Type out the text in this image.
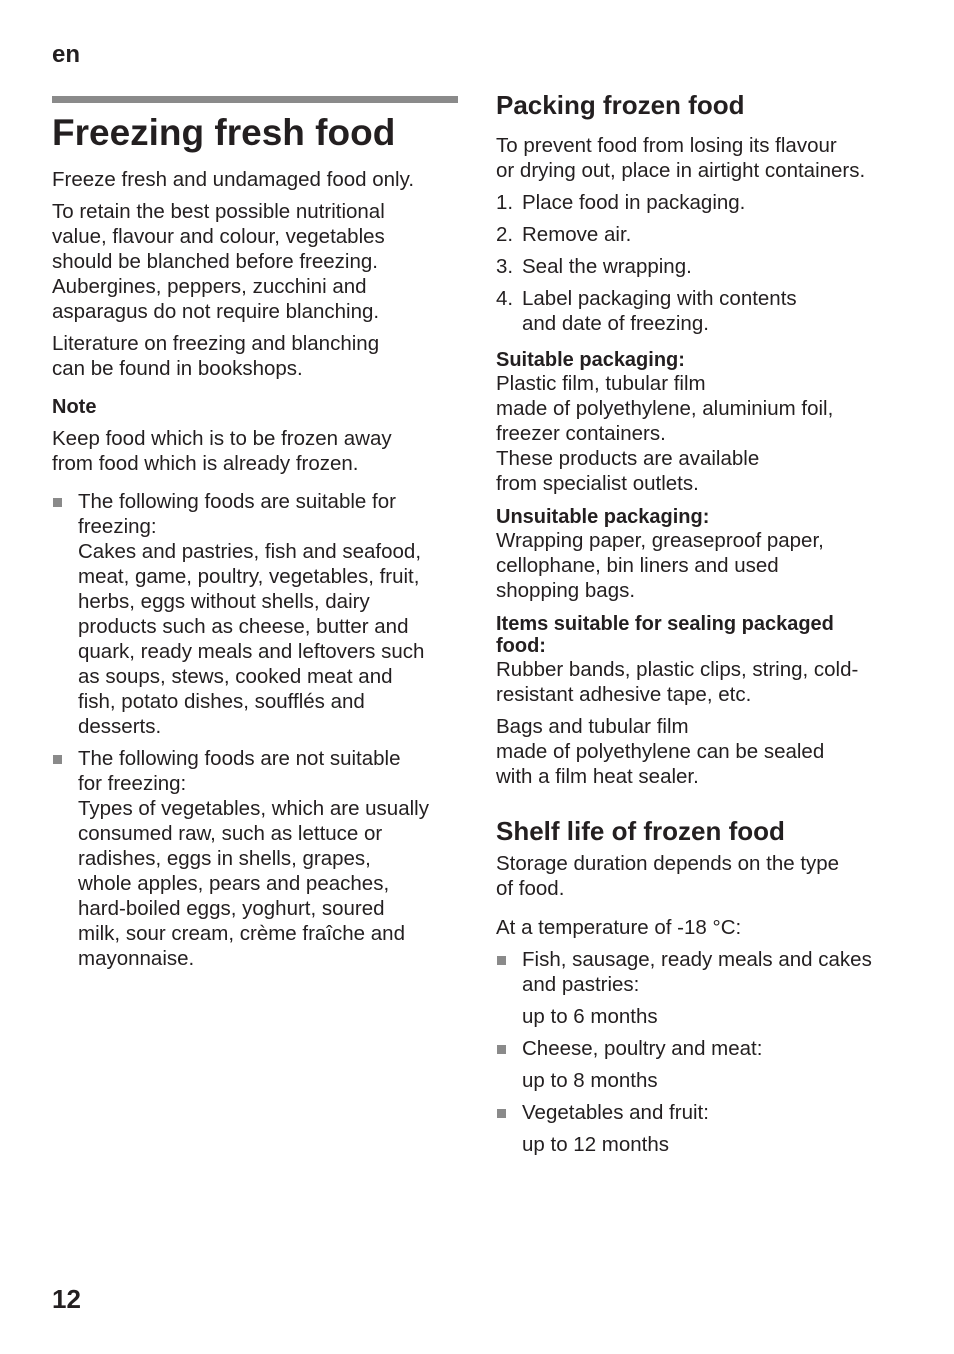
en
Freezing fresh food

Freeze fresh and undamaged food only.

To retain the best possible nutritional
value, flavour and colour, vegetables
should be blanched before freezing.
Aubergines, peppers, zucchini and
asparagus do not require blanching.

Literature on freezing and blanching
can be found in bookshops.

Note

Keep food which is to be frozen away
from food which is already frozen.

The following foods are suitable for
freezing:
Cakes and pastries, fish and seafood,
meat, game, poultry, vegetables, fruit,
herbs, eggs without shells, dairy
products such as cheese, butter and
quark, ready meals and leftovers such
as soups, stews, cooked meat and
fish, potato dishes, soufflés and
desserts.
The following foods are not suitable
for freezing:
Types of vegetables, which are usually
consumed raw, such as lettuce or
radishes, eggs in shells, grapes,
whole apples, pears and peaches,
hard-boiled eggs, yoghurt, soured
milk, sour cream, crème fraîche and
mayonnaise.
Packing frozen food

To prevent food from losing its flavour
or drying out, place in airtight containers.

1. Place food in packaging.
2. Remove air.
3. Seal the wrapping.
4. Label packaging with contents
and date of freezing.

Suitable packaging:

Plastic film, tubular film
made of polyethylene, aluminium foil,
freezer containers.
These products are available
from specialist outlets.

Unsuitable packaging:

Wrapping paper, greaseproof paper,
cellophane, bin liners and used
shopping bags.

Items suitable for sealing packaged
food:

Rubber bands, plastic clips, string, cold-
resistant adhesive tape, etc.

Bags and tubular film
made of polyethylene can be sealed
with a film heat sealer.

Shelf life of frozen food

Storage duration depends on the type
of food.

At a temperature of -18 °C:

Fish, sausage, ready meals and cakes
and pastries:

up to 6 months

Cheese, poultry and meat:

up to 8 months

Vegetables and fruit:

up to 12 months

12
